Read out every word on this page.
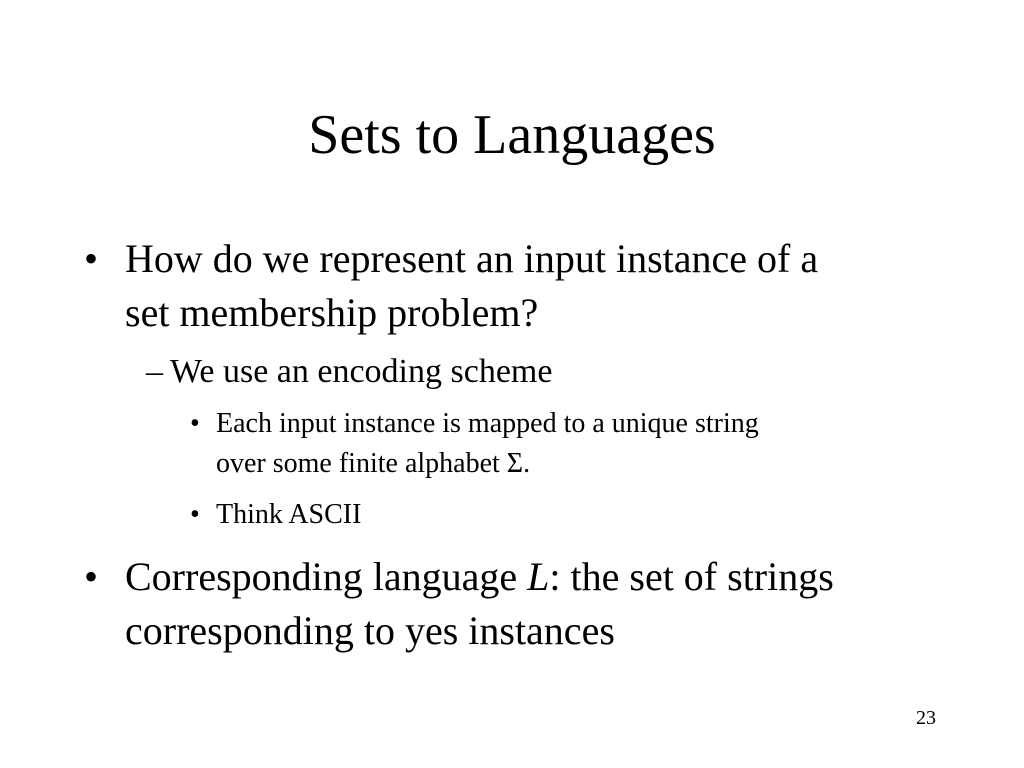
Sets to Languages
• How do we represent an input instance of a
set membership problem?
– We use an encoding scheme
• Each input instance is mapped to a unique string
over some finite alphabet Σ.
• Think ASCII
• Corresponding language L: the set of strings
corresponding to yes instances
23
